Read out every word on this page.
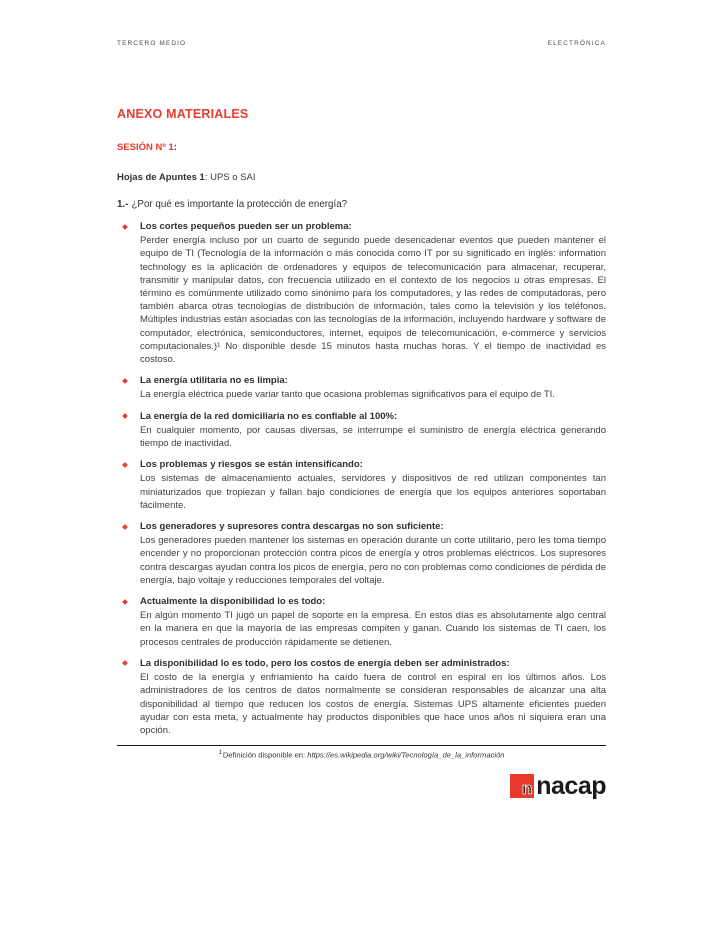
TERCERO MEDIO	ELECTRÓNICA
ANEXO MATERIALES
SESIÓN Nº 1:
Hojas de Apuntes 1: UPS o SAI
1.- ¿Por qué es importante la protección de energía?
Los cortes pequeños pueden ser un problema:
Perder energía incluso por un cuarto de segundo puede desencadenar eventos que pueden mantener el equipo de TI (Tecnología de la información o más conocida como IT por su significado en inglés: information technology es la aplicación de ordenadores y equipos de telecomunicación para almacenar, recuperar, transmitir y manipular datos, con frecuencia utilizado en el contexto de los negocios u otras empresas. El término es comúnmente utilizado como sinónimo para los computadores, y las redes de computadoras, pero también abarca otras tecnologías de distribución de información, tales como la televisión y los teléfonos. Múltiples industrias están asociadas con las tecnologías de la información, incluyendo hardware y software de computador, electrónica, semiconductores, internet, equipos de telecomunicación, e-commerce y servicios computacionales.)¹ No disponible desde 15 minutos hasta muchas horas. Y el tiempo de inactividad es costoso.
La energía utilitaria no es limpia:
La energía eléctrica puede variar tanto que ocasiona problemas significativos para el equipo de TI.
La energía de la red domiciliaria no es confiable al 100%:
En cualquier momento, por causas diversas, se interrumpe el suministro de energía eléctrica generando tiempo de inactividad.
Los problemas y riesgos se están intensificando:
Los sistemas de almacenamiento actuales, servidores y dispositivos de red utilizan componentes tan miniaturizados que tropiezan y fallan bajo condiciones de energía que los equipos anteriores soportaban fácilmente.
Los generadores y supresores contra descargas no son suficiente:
Los generadores pueden mantener los sistemas en operación durante un corte utilitario, pero les toma tiempo encender y no proporcionan protección contra picos de energía y otros problemas eléctricos. Los supresores contra descargas ayudan contra los picos de energía, pero no con problemas como condiciones de pérdida de energía, bajo voltaje y reducciones temporales del voltaje.
Actualmente la disponibilidad lo es todo:
En algún momento TI jugó un papel de soporte en la empresa. En estos días es absolutamente algo central en la manera en que la mayoría de las empresas compiten y ganan. Cuando los sistemas de TI caen, los procesos centrales de producción rápidamente se detienen.
La disponibilidad lo es todo, pero los costos de energía deben ser administrados:
El costo de la energía y enfriamiento ha caído fuera de control en espiral en los últimos años. Los administradores de los centros de datos normalmente se consideran responsables de alcanzar una alta disponibilidad al tiempo que reducen los costos de energía. Sistemas UPS altamente eficientes pueden ayudar con esta meta, y actualmente hay productos disponibles que hace unos años ni siquiera eran una opción.
$^1$Definición disponible en: https://es.wikipedia.org/wiki/Tecnología_de_la_información
n nacap
